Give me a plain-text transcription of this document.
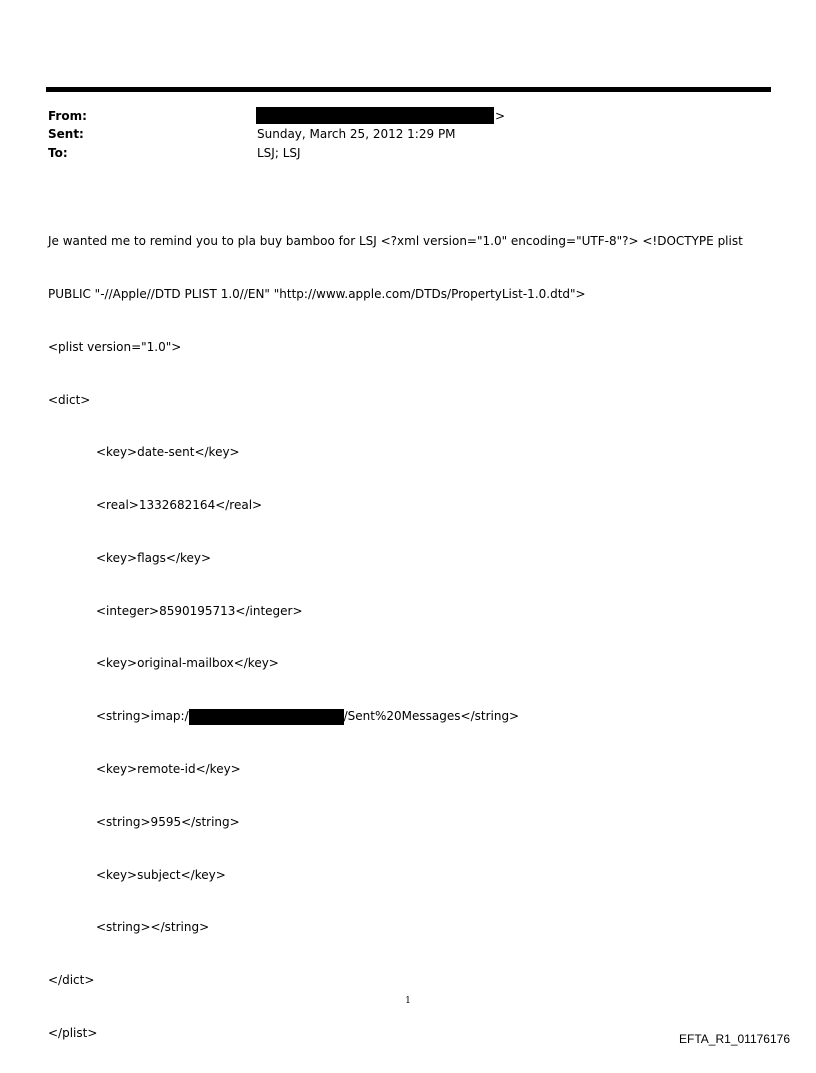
From:	>
Sent:	Sunday, March 25, 2012 1:29 PM
To:	LSJ; LSJ

Je wanted me to remind you to pla buy bamboo for LSJ <?xml version="1.0" encoding="UTF-8"?> <!DOCTYPE plist

PUBLIC "-//Apple//DTD PLIST 1.0//EN" "http://www.apple.com/DTDs/PropertyList-1.0.dtd">

<plist version="1.0">

<dict>

<key>date-sent</key>

<real>1332682164</real>

<key>flags</key>

<integer>8590195713</integer>

<key>original-mailbox</key>

<string>imap:/	/Sent%20Messages</string>

<key>remote-id</key>

<string>9595</string>

<key>subject</key>

<string></string>

</dict>

</plist>

1
EFTA_R1_01176176
